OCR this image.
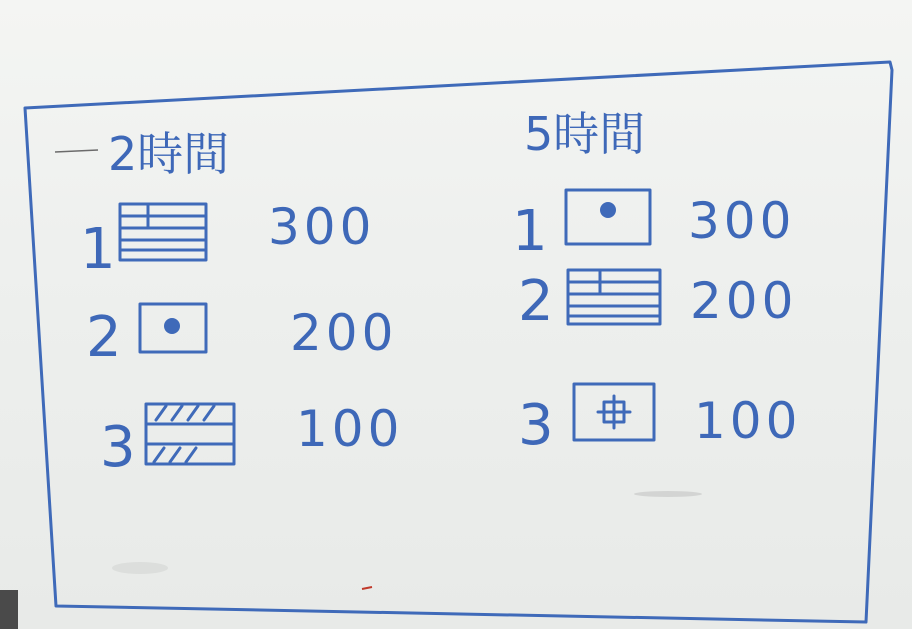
2時間
1	300
2	200
3	100
5時間
1	300
2	200
3	100
